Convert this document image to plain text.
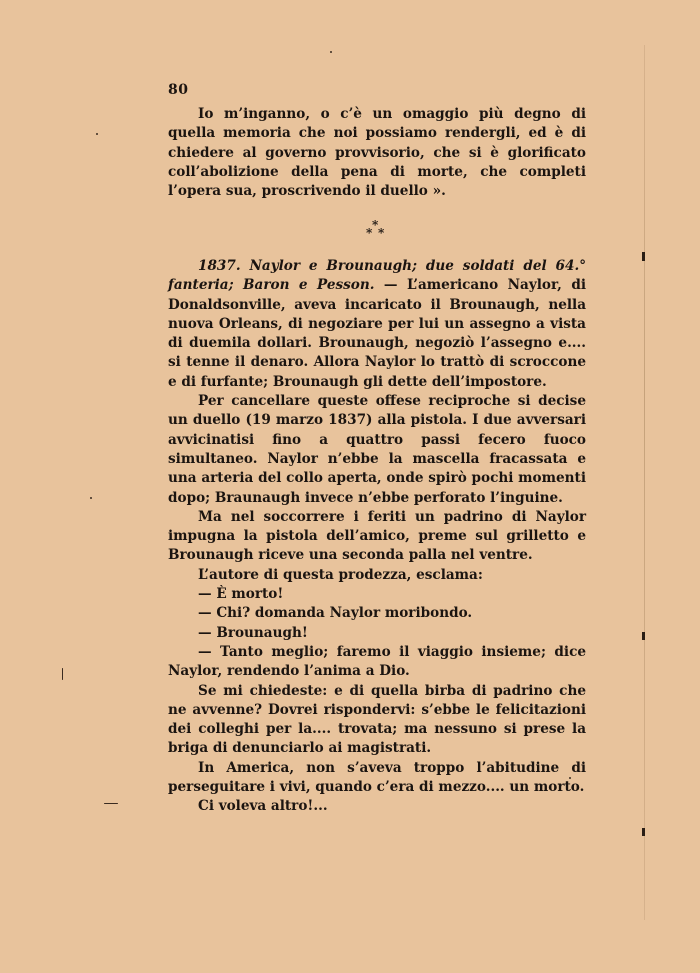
80

Io m’inganno, o c’è un omaggio più degno di quella memoria che noi possiamo rendergli, ed è di chiedere al governo provvisorio, che si è glorificato coll’abolizione della pena di morte, che completi l’opera sua, proscrivendo il duello ».

*
* *

1837. Naylor e Brounaugh; due soldati del 64.° fanteria; Baron e Pesson. — L’americano Naylor, di Donaldsonville, aveva incaricato il Brounaugh, nella nuova Orleans, di negoziare per lui un assegno a vista di duemila dollari. Brounaugh, negoziò l’assegno e.... si tenne il denaro. Allora Naylor lo trattò di scroccone e di furfante; Brounaugh gli dette dell’impostore.

Per cancellare queste offese reciproche si decise un duello (19 marzo 1837) alla pistola. I due avversari avvicinatisi fino a quattro passi fecero fuoco simultaneo. Naylor n’ebbe la mascella fracassata e una arteria del collo aperta, onde spirò pochi momenti dopo; Braunaugh invece n’ebbe perforato l’inguine.

Ma nel soccorrere i feriti un padrino di Naylor impugna la pistola dell’amico, preme sul grilletto e Brounaugh riceve una seconda palla nel ventre.

L’autore di questa prodezza, esclama:

— È morto!

— Chi? domanda Naylor moribondo.

— Brounaugh!

— Tanto meglio; faremo il viaggio insieme; dice Naylor, rendendo l’anima a Dio.

Se mi chiedeste: e di quella birba di padrino che ne avvenne? Dovrei rispondervi: s’ebbe le felicitazioni dei colleghi per la.... trovata; ma nessuno si prese la briga di denunciarlo ai magistrati.

In America, non s’aveva troppo l’abitudine di perseguitare i vivi, quando c’era di mezzo.... un morto.

Ci voleva altro!...
